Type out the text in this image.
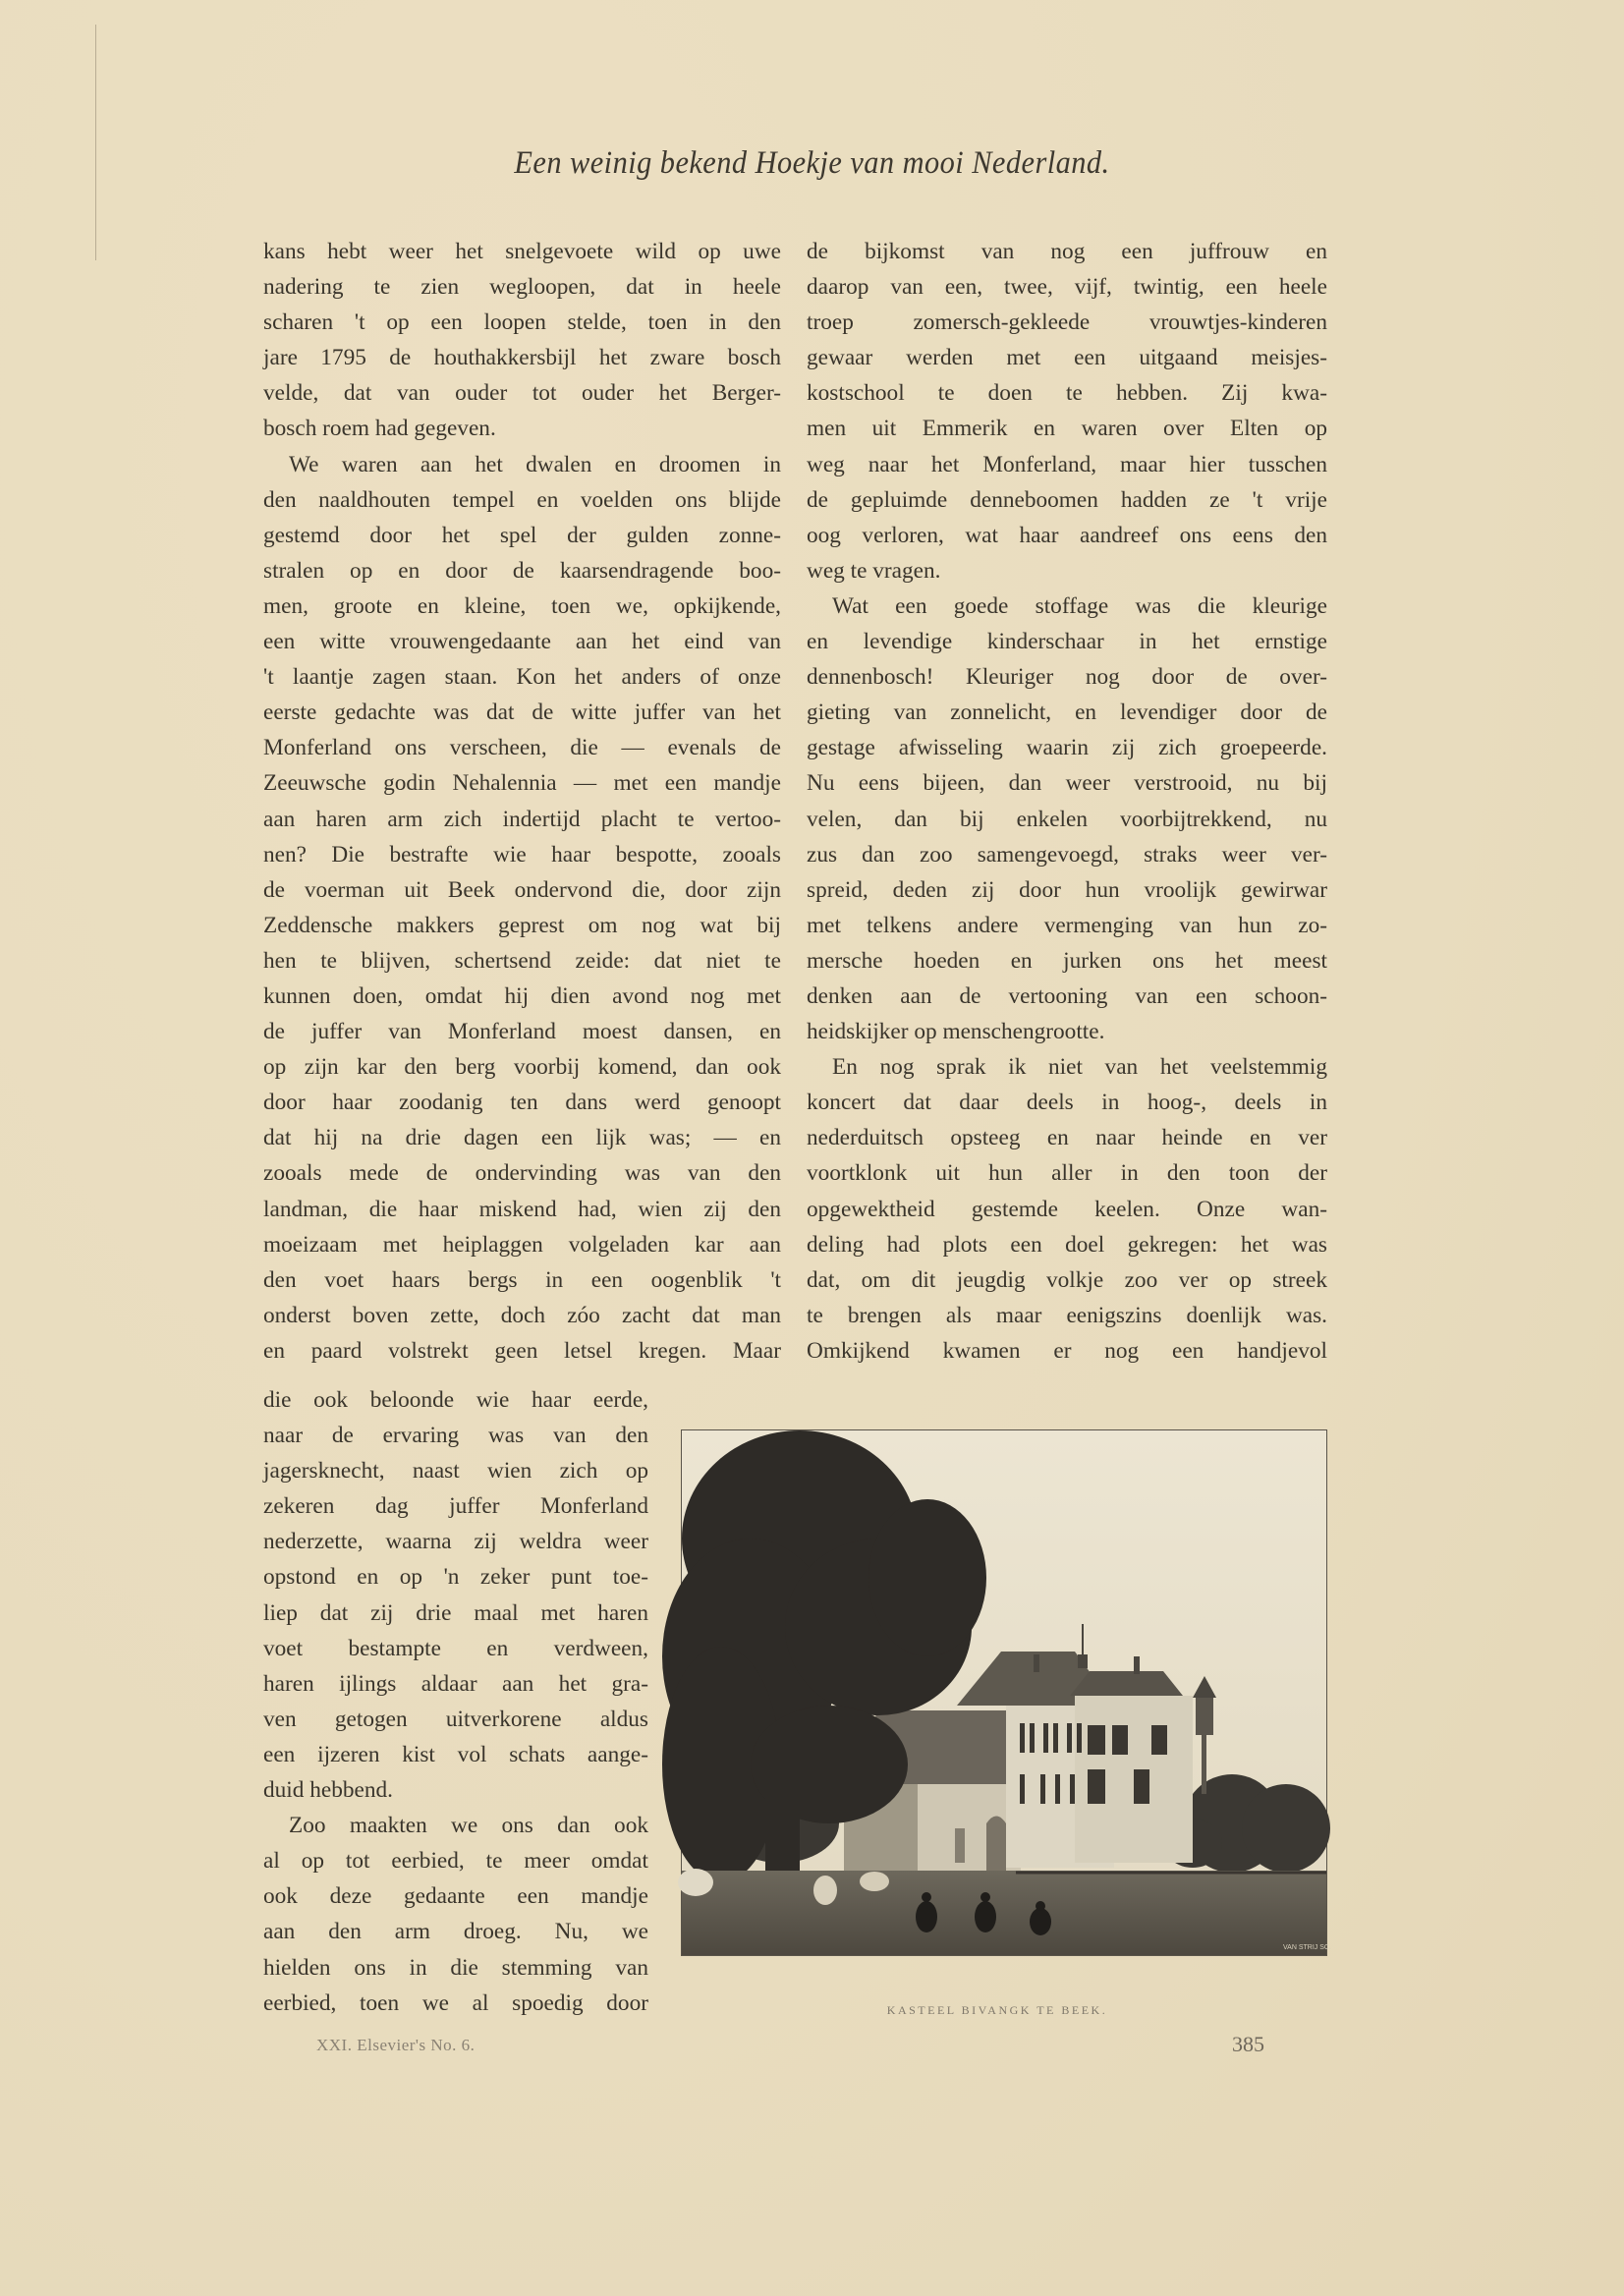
Een weinig bekend Hoekje van mooi Nederland.
kans hebt weer het snelgevoete wild op uwe
nadering te zien wegloopen, dat in heele
scharen 't op een loopen stelde, toen in den
jare 1795 de houthakkersbijl het zware bosch
velde, dat van ouder tot ouder het Berger-
bosch roem had gegeven.
We waren aan het dwalen en droomen in
den naaldhouten tempel en voelden ons blijde
gestemd door het spel der gulden zonne-
stralen op en door de kaarsendragende boo-
men, groote en kleine, toen we, opkijkende,
een witte vrouwengedaante aan het eind van
't laantje zagen staan. Kon het anders of onze
eerste gedachte was dat de witte juffer van het
Monferland ons verscheen, die — evenals de
Zeeuwsche godin Nehalennia — met een mandje
aan haren arm zich indertijd placht te vertoo-
nen? Die bestrafte wie haar bespotte, zooals
de voerman uit Beek ondervond die, door zijn
Zeddensche makkers geprest om nog wat bij
hen te blijven, schertsend zeide: dat niet te
kunnen doen, omdat hij dien avond nog met
de juffer van Monferland moest dansen, en
op zijn kar den berg voorbij komend, dan ook
door haar zoodanig ten dans werd genoopt
dat hij na drie dagen een lijk was; — en
zooals mede de ondervinding was van den
landman, die haar miskend had, wien zij den
moeizaam met heiplaggen volgeladen kar aan
den voet haars bergs in een oogenblik 't
onderst boven zette, doch zóo zacht dat man
en paard volstrekt geen letsel kregen. Maar
die ook beloonde wie haar eerde,
naar de ervaring was van den
jagersknecht, naast wien zich op
zekeren dag juffer Monferland
nederzette, waarna zij weldra weer
opstond en op 'n zeker punt toe-
liep dat zij drie maal met haren
voet bestampte en verdween,
haren ijlings aldaar aan het gra-
ven getogen uitverkorene aldus
een ijzeren kist vol schats aange-
duid hebbend.
Zoo maakten we ons dan ook
al op tot eerbied, te meer omdat
ook deze gedaante een mandje
aan den arm droeg. Nu, we
hielden ons in die stemming van
eerbied, toen we al spoedig door
de bijkomst van nog een juffrouw en
daarop van een, twee, vijf, twintig, een heele
troep zomersch-gekleede vrouwtjes-kinderen
gewaar werden met een uitgaand meisjes-
kostschool te doen te hebben. Zij kwa-
men uit Emmerik en waren over Elten op
weg naar het Monferland, maar hier tusschen
de gepluimde denneboomen hadden ze 't vrije
oog verloren, wat haar aandreef ons eens den
weg te vragen.
Wat een goede stoffage was die kleurige
en levendige kinderschaar in het ernstige
dennenbosch! Kleuriger nog door de over-
gieting van zonnelicht, en levendiger door de
gestage afwisseling waarin zij zich groepeerde.
Nu eens bijeen, dan weer verstrooid, nu bij
velen, dan bij enkelen voorbijtrekkend, nu
zus dan zoo samengevoegd, straks weer ver-
spreid, deden zij door hun vroolijk gewirwar
met telkens andere vermenging van hun zo-
mersche hoeden en jurken ons het meest
denken aan de vertooning van een schoon-
heidskijker op menschengrootte.
En nog sprak ik niet van het veelstemmig
koncert dat daar deels in hoog-, deels in
nederduitsch opsteeg en naar heinde en ver
voortklonk uit hun aller in den toon der
opgewektheid gestemde keelen. Onze wan-
deling had plots een doel gekregen: het was
dat, om dit jeugdig volkje zoo ver op streek
te brengen als maar eenigszins doenlijk was.
Omkijkend kwamen er nog een handjevol
VAN STRIJ SC.
KASTEEL BIVANGK TE BEEK.
XXI. Elsevier's No. 6.	385
